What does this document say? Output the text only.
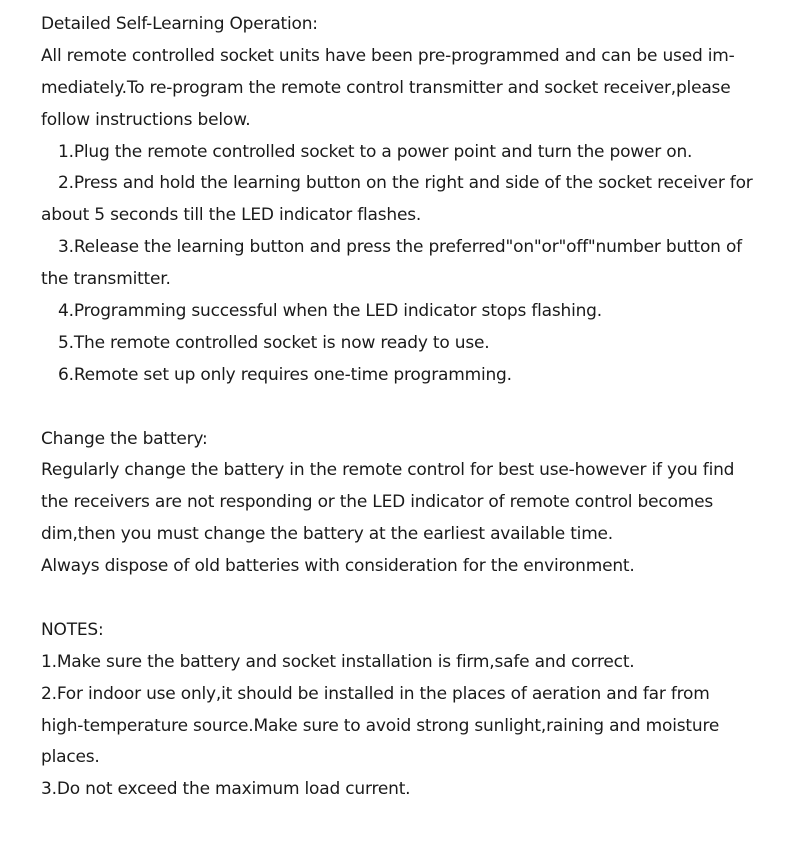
Detailed Self-Learning Operation:
All remote controlled socket units have been pre-programmed and can be used im-
mediately.To re-program the remote control transmitter and socket receiver,please
follow instructions below.
1.Plug the remote controlled socket to a power point and turn the power on.
2.Press and hold the learning button on the right and side of the socket receiver for
about 5 seconds till the LED indicator flashes.
3.Release the learning button and press the preferred"on"or"off"number button of
the transmitter.
4.Programming successful when the LED indicator stops flashing.
5.The remote controlled socket is now ready to use.
6.Remote set up only requires one-time programming.
Change the battery:
Regularly change the battery in the remote control for best use-however if you find
the receivers are not responding or the LED indicator of remote control becomes
dim,then you must change the battery at the earliest available time.
Always dispose of old batteries with consideration for the environment.
NOTES:
1.Make sure the battery and socket installation is firm,safe and correct.
2.For indoor use only,it should be installed in the places of aeration and far from
high-temperature source.Make sure to avoid strong sunlight,raining and moisture
places.
3.Do not exceed the maximum load current.
